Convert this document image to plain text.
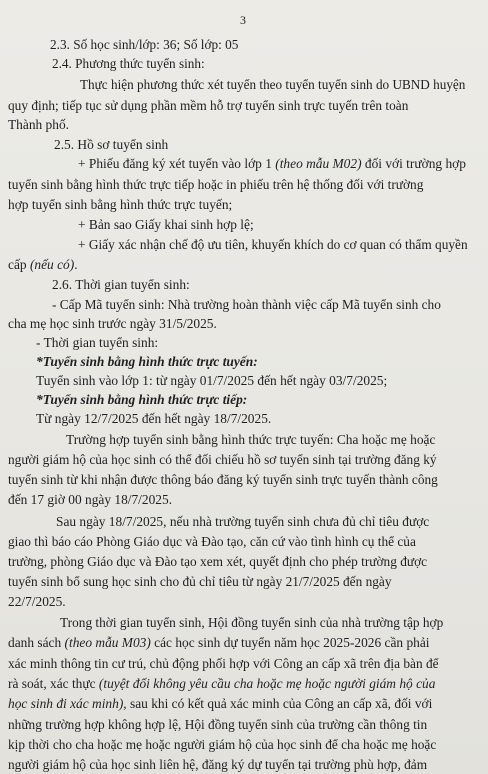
3
2.3. Số học sinh/lớp: 36; Số lớp: 05
2.4. Phương thức tuyển sinh:
Thực hiện phương thức xét tuyển theo tuyển tuyển sinh do UBND huyện
quy định; tiếp tục sử dụng phần mềm hỗ trợ tuyển sinh trực tuyến trên toàn
Thành phố.
2.5. Hồ sơ tuyển sinh
+ Phiếu đăng ký xét tuyển vào lớp 1 (theo mẫu M02) đối với trường hợp
tuyển sinh bằng hình thức trực tiếp hoặc in phiếu trên hệ thống đối với trường
hợp tuyển sinh bằng hình thức trực tuyến;
+ Bản sao Giấy khai sinh hợp lệ;
+ Giấy xác nhận chế độ ưu tiên, khuyến khích do cơ quan có thẩm quyền
cấp (nếu có).
2.6. Thời gian tuyển sinh:
- Cấp Mã tuyển sinh: Nhà trường hoàn thành việc cấp Mã tuyển sinh cho
cha mẹ học sinh trước ngày 31/5/2025.
- Thời gian tuyển sinh:
*Tuyển sinh bằng hình thức trực tuyến:
Tuyển sinh vào lớp 1: từ ngày 01/7/2025 đến hết ngày 03/7/2025;
*Tuyển sinh bằng hình thức trực tiếp:
Từ ngày 12/7/2025 đến hết ngày 18/7/2025.
Trường hợp tuyển sinh bằng hình thức trực tuyến: Cha hoặc mẹ hoặc
người giám hộ của học sinh có thể đối chiếu hồ sơ tuyển sinh tại trường đăng ký
tuyển sinh từ khi nhận được thông báo đăng ký tuyển sinh trực tuyến thành công
đến 17 giờ 00 ngày 18/7/2025.
Sau ngày 18/7/2025, nếu nhà trường tuyển sinh chưa đủ chỉ tiêu được
giao thì báo cáo Phòng Giáo dục và Đào tạo, căn cứ vào tình hình cụ thể của
trường, phòng Giáo dục và Đào tạo xem xét, quyết định cho phép trường được
tuyển sinh bổ sung học sinh cho đủ chỉ tiêu từ ngày 21/7/2025 đến ngày
22/7/2025.
Trong thời gian tuyển sinh, Hội đồng tuyển sinh của nhà trường tập hợp
danh sách (theo mẫu M03) các học sinh dự tuyển năm học 2025-2026 cần phải
xác minh thông tin cư trú, chủ động phối hợp với Công an cấp xã trên địa bàn để
rà soát, xác thực (tuyệt đối không yêu cầu cha hoặc mẹ hoặc người giám hộ của
học sinh đi xác minh), sau khi có kết quả xác minh của Công an cấp xã, đối với
những trường hợp không hợp lệ, Hội đồng tuyển sinh của trường cần thông tin
kịp thời cho cha hoặc mẹ hoặc người giám hộ của học sinh để cha hoặc mẹ hoặc
người giám hộ của học sinh liên hệ, đăng ký dự tuyển tại trường phù hợp, đảm
